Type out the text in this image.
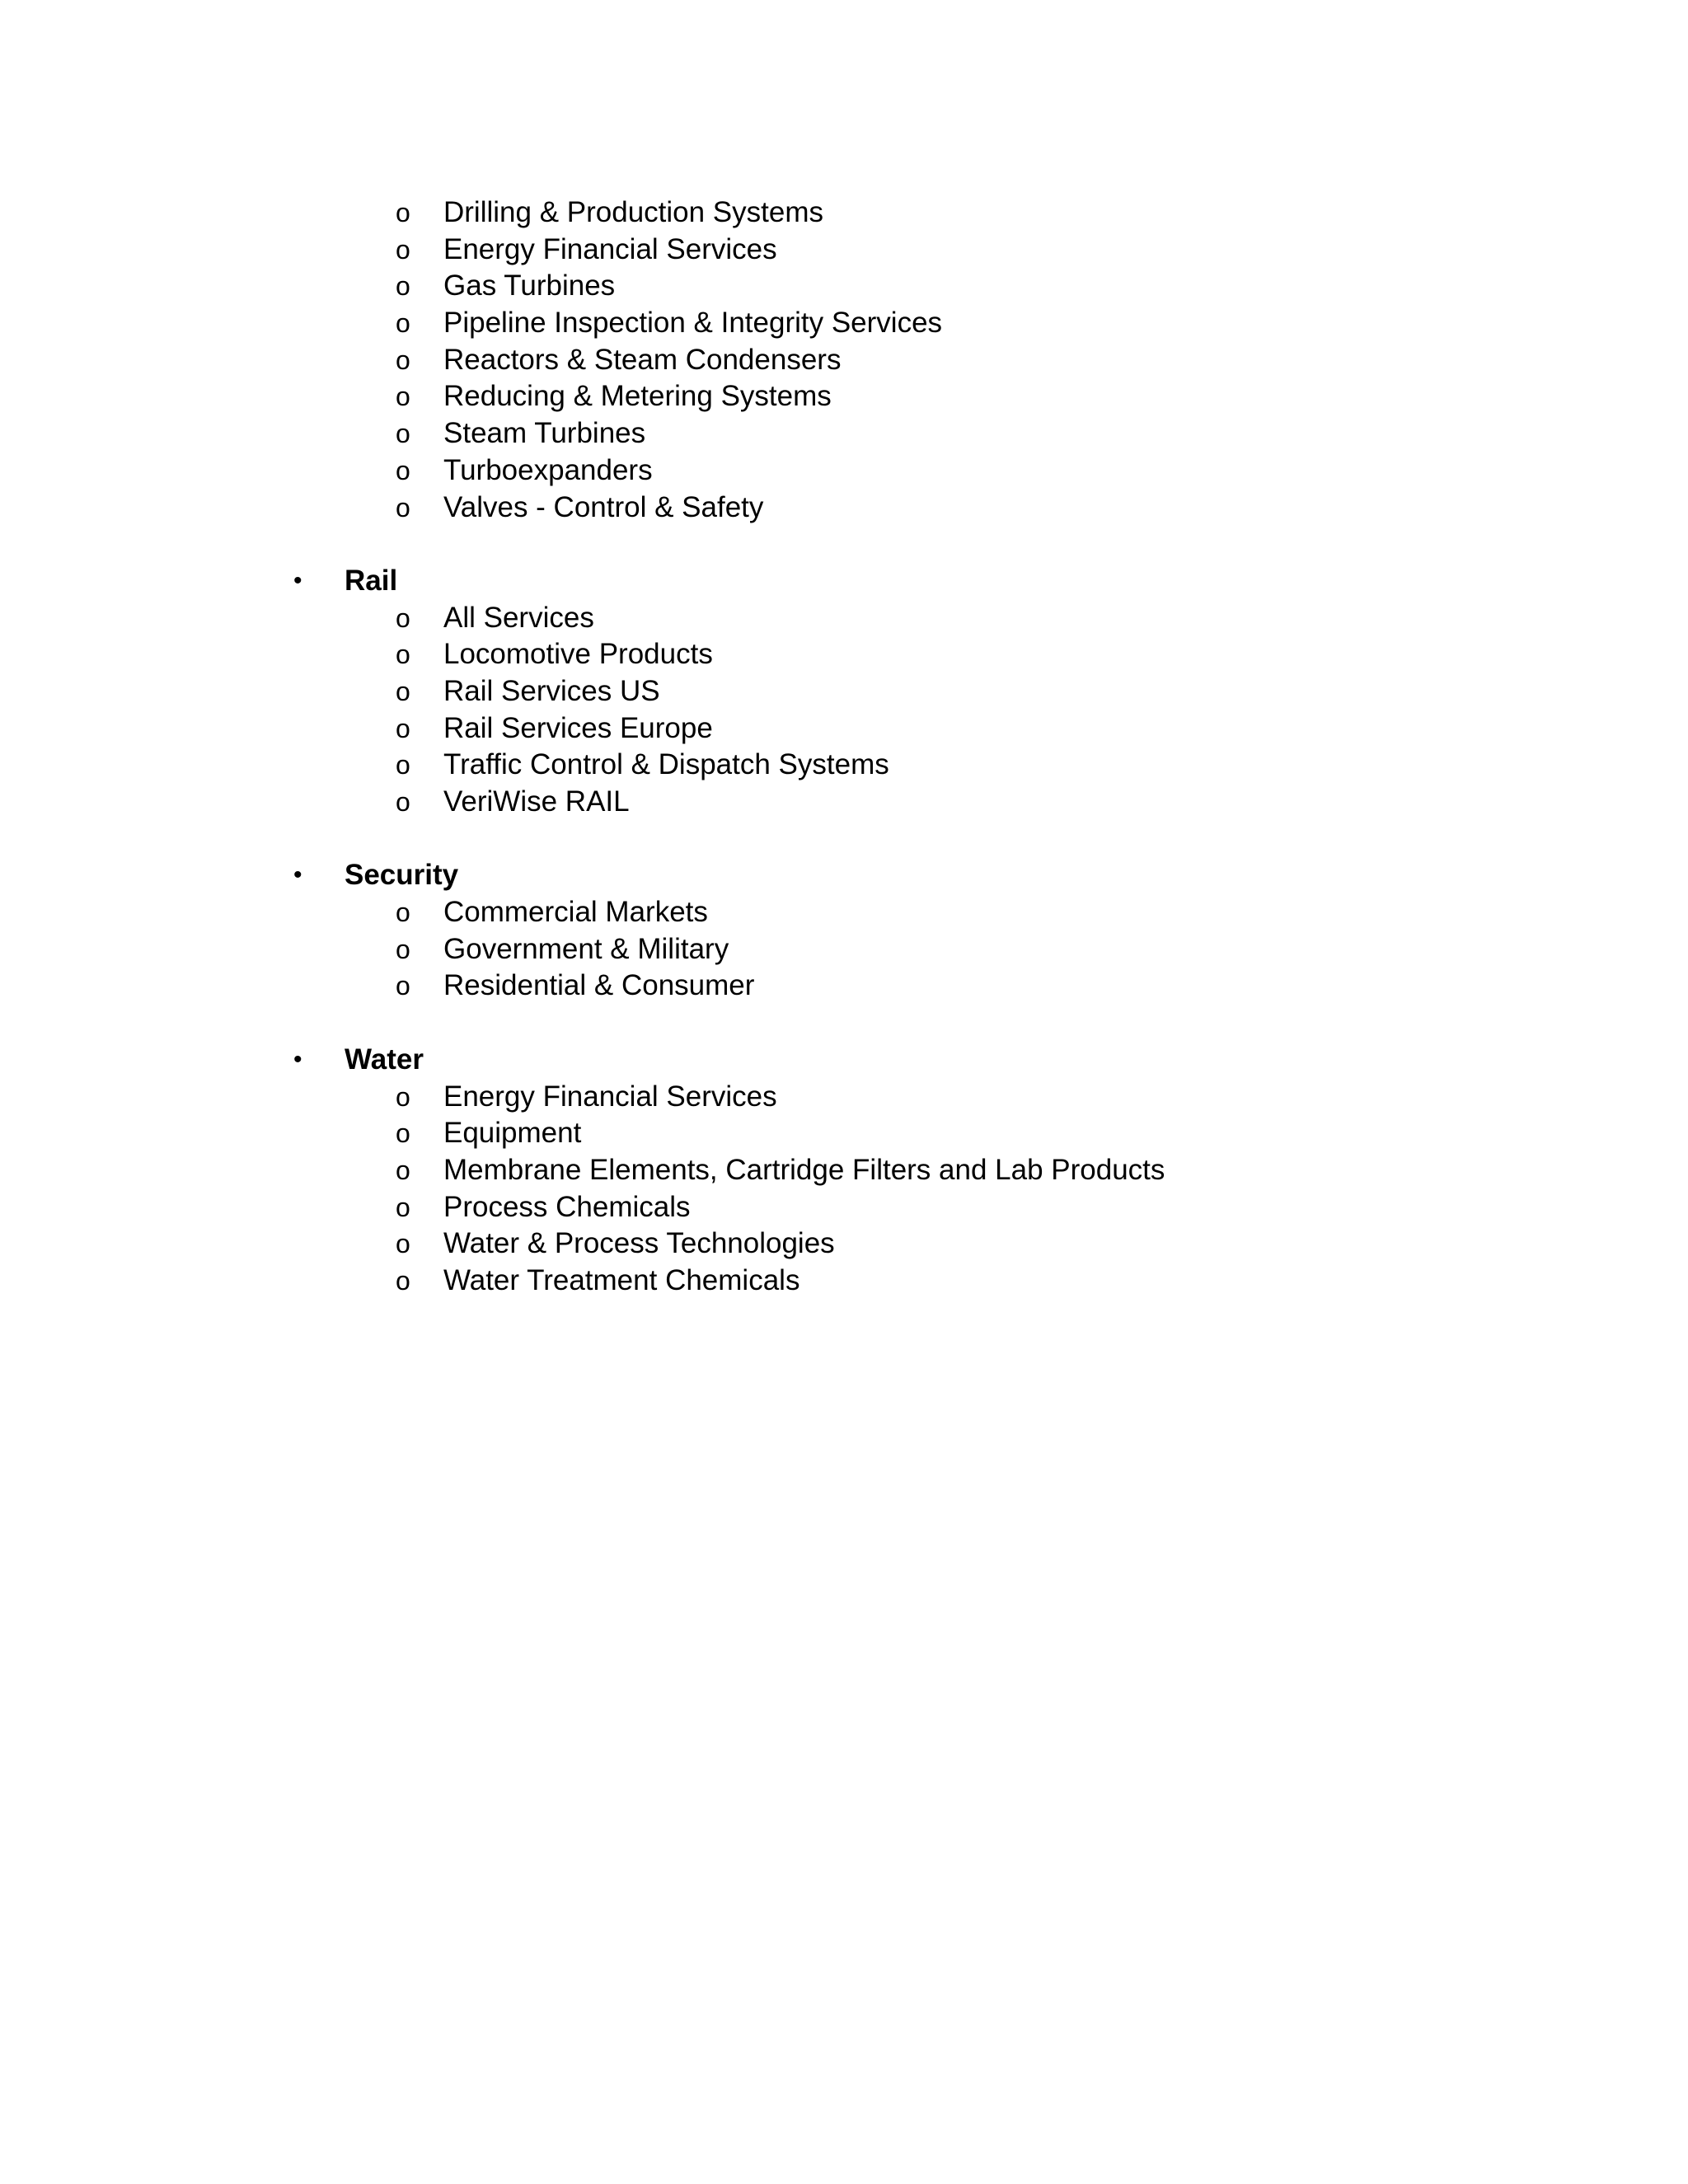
o Drilling & Production Systems
o Energy Financial Services
o Gas Turbines
o Pipeline Inspection & Integrity Services
o Reactors & Steam Condensers
o Reducing & Metering Systems
o Steam Turbines
o Turboexpanders
o Valves - Control & Safety
• Rail
o All Services
o Locomotive Products
o Rail Services US
o Rail Services Europe
o Traffic Control & Dispatch Systems
o VeriWise RAIL
• Security
o Commercial Markets
o Government & Military
o Residential & Consumer
• Water
o Energy Financial Services
o Equipment
o Membrane Elements, Cartridge Filters and Lab Products
o Process Chemicals
o Water & Process Technologies
o Water Treatment Chemicals
